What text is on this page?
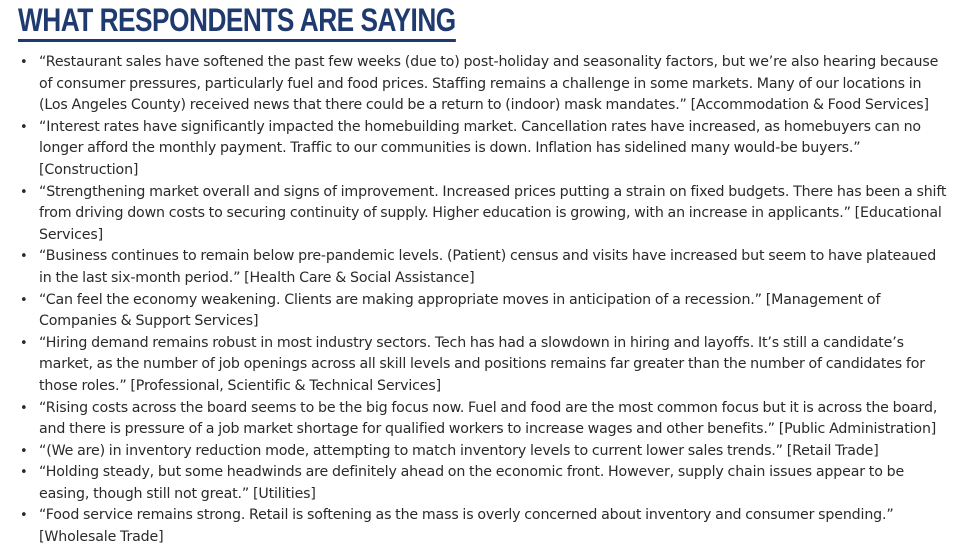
WHAT RESPONDENTS ARE SAYING
• “Restaurant sales have softened the past few weeks (due to) post-holiday and seasonality factors, but we’re also hearing because of consumer pressures, particularly fuel and food prices. Staffing remains a challenge in some markets. Many of our locations in (Los Angeles County) received news that there could be a return to (indoor) mask mandates.” [Accommodation & Food Services]
• “Interest rates have significantly impacted the homebuilding market. Cancellation rates have increased, as homebuyers can no longer afford the monthly payment. Traffic to our communities is down. Inflation has sidelined many would-be buyers.” [Construction]
• “Strengthening market overall and signs of improvement. Increased prices putting a strain on fixed budgets. There has been a shift from driving down costs to securing continuity of supply. Higher education is growing, with an increase in applicants.” [Educational Services]
• “Business continues to remain below pre-pandemic levels. (Patient) census and visits have increased but seem to have plateaued in the last six-month period.” [Health Care & Social Assistance]
• “Can feel the economy weakening. Clients are making appropriate moves in anticipation of a recession.” [Management of Companies & Support Services]
• “Hiring demand remains robust in most industry sectors. Tech has had a slowdown in hiring and layoffs. It’s still a candidate’s market, as the number of job openings across all skill levels and positions remains far greater than the number of candidates for those roles.” [Professional, Scientific & Technical Services]
• “Rising costs across the board seems to be the big focus now. Fuel and food are the most common focus but it is across the board, and there is pressure of a job market shortage for qualified workers to increase wages and other benefits.” [Public Administration]
• “(We are) in inventory reduction mode, attempting to match inventory levels to current lower sales trends.” [Retail Trade]
• “Holding steady, but some headwinds are definitely ahead on the economic front. However, supply chain issues appear to be easing, though still not great.” [Utilities]
• “Food service remains strong. Retail is softening as the mass is overly concerned about inventory and consumer spending.” [Wholesale Trade]
